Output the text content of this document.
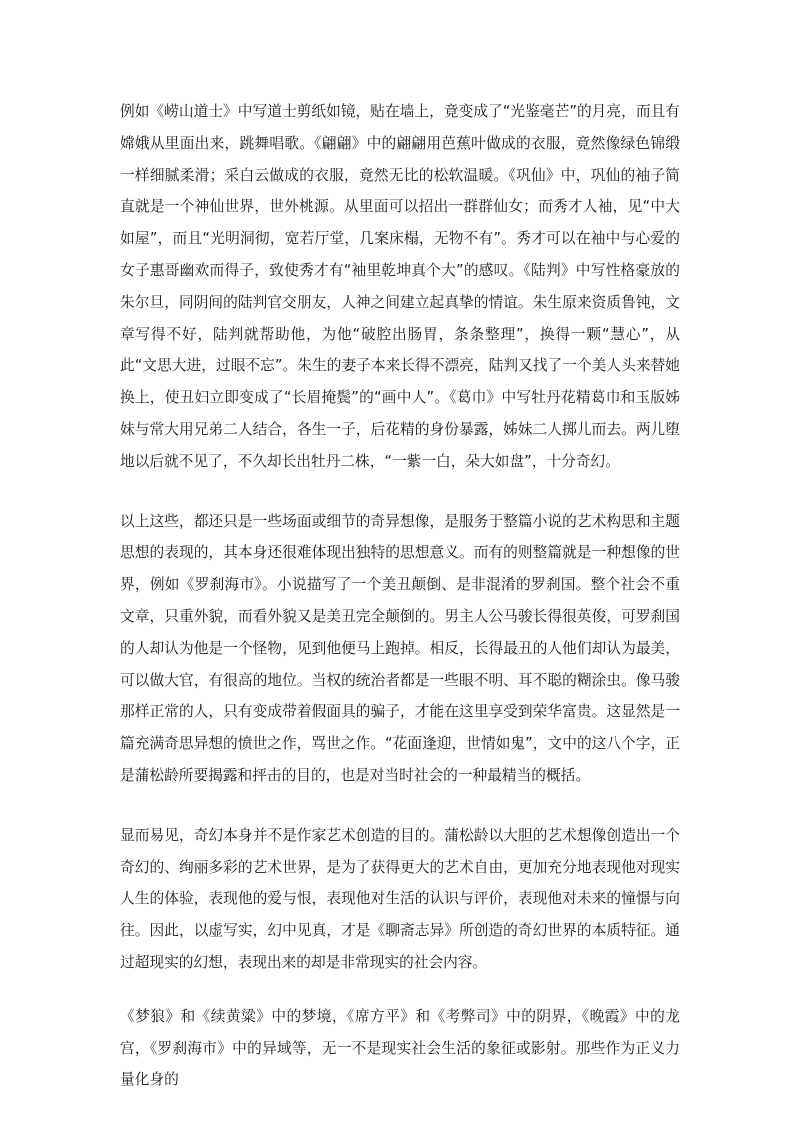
例如《崂山道士》中写道士剪纸如镜，贴在墙上，竟变成了“光鉴毫芒”的月亮，而且有嫦娥从里面出来，跳舞唱歌。《翩翩》中的翩翩用芭蕉叶做成的衣服，竟然像绿色锦缎一样细腻柔滑；采白云做成的衣服，竟然无比的松软温暖。《巩仙》中，巩仙的袖子简直就是一个神仙世界，世外桃源。从里面可以招出一群群仙女；而秀才人袖，见“中大如屋”，而且“光明洞彻，宽若厅堂，几案床榻，无物不有”。秀才可以在袖中与心爱的女子惠哥幽欢而得子，致使秀才有“袖里乾坤真个大”的感叹。《陆判》中写性格豪放的朱尔旦，同阴间的陆判官交朋友，人神之间建立起真挚的情谊。朱生原来资质鲁钝，文章写得不好，陆判就帮助他，为他“破腔出肠胃，条条整理”，换得一颗“慧心”，从此“文思大进，过眼不忘”。朱生的妻子本来长得不漂亮，陆判又找了一个美人头来替她换上，使丑妇立即变成了“长眉掩鬓”的“画中人”。《葛巾》中写牡丹花精葛巾和玉版姊妹与常大用兄弟二人结合，各生一子，后花精的身份暴露，姊妹二人掷儿而去。两儿堕地以后就不见了，不久却长出牡丹二株，“一紫一白，朵大如盘”，十分奇幻。

以上这些，都还只是一些场面或细节的奇异想像，是服务于整篇小说的艺术构思和主题思想的表现的，其本身还很难体现出独特的思想意义。而有的则整篇就是一种想像的世界，例如《罗刹海市》。小说描写了一个美丑颠倒、是非混淆的罗刹国。整个社会不重文章，只重外貌，而看外貌又是美丑完全颠倒的。男主人公马骏长得很英俊，可罗刹国的人却认为他是一个怪物，见到他便马上跑掉。相反，长得最丑的人他们却认为最美，可以做大官，有很高的地位。当权的统治者都是一些眼不明、耳不聪的糊涂虫。像马骏那样正常的人，只有变成带着假面具的骗子，才能在这里享受到荣华富贵。这显然是一篇充满奇思异想的愤世之作，骂世之作。“花面逢迎，世情如鬼”，文中的这八个字，正是蒲松龄所要揭露和抨击的目的，也是对当时社会的一种最精当的概括。

显而易见，奇幻本身并不是作家艺术创造的目的。蒲松龄以大胆的艺术想像创造出一个奇幻的、绚丽多彩的艺术世界，是为了获得更大的艺术自由，更加充分地表现他对现实人生的体验，表现他的爱与恨，表现他对生活的认识与评价，表现他对未来的憧憬与向往。因此，以虚写实，幻中见真，才是《聊斋志异》所创造的奇幻世界的本质特征。通过超现实的幻想，表现出来的却是非常现实的社会内容。

《梦狼》和《续黄粱》中的梦境，《席方平》和《考弊司》中的阴界，《晚霞》中的龙宫，《罗刹海市》中的异域等，无一不是现实社会生活的象征或影射。那些作为正义力量化身的
